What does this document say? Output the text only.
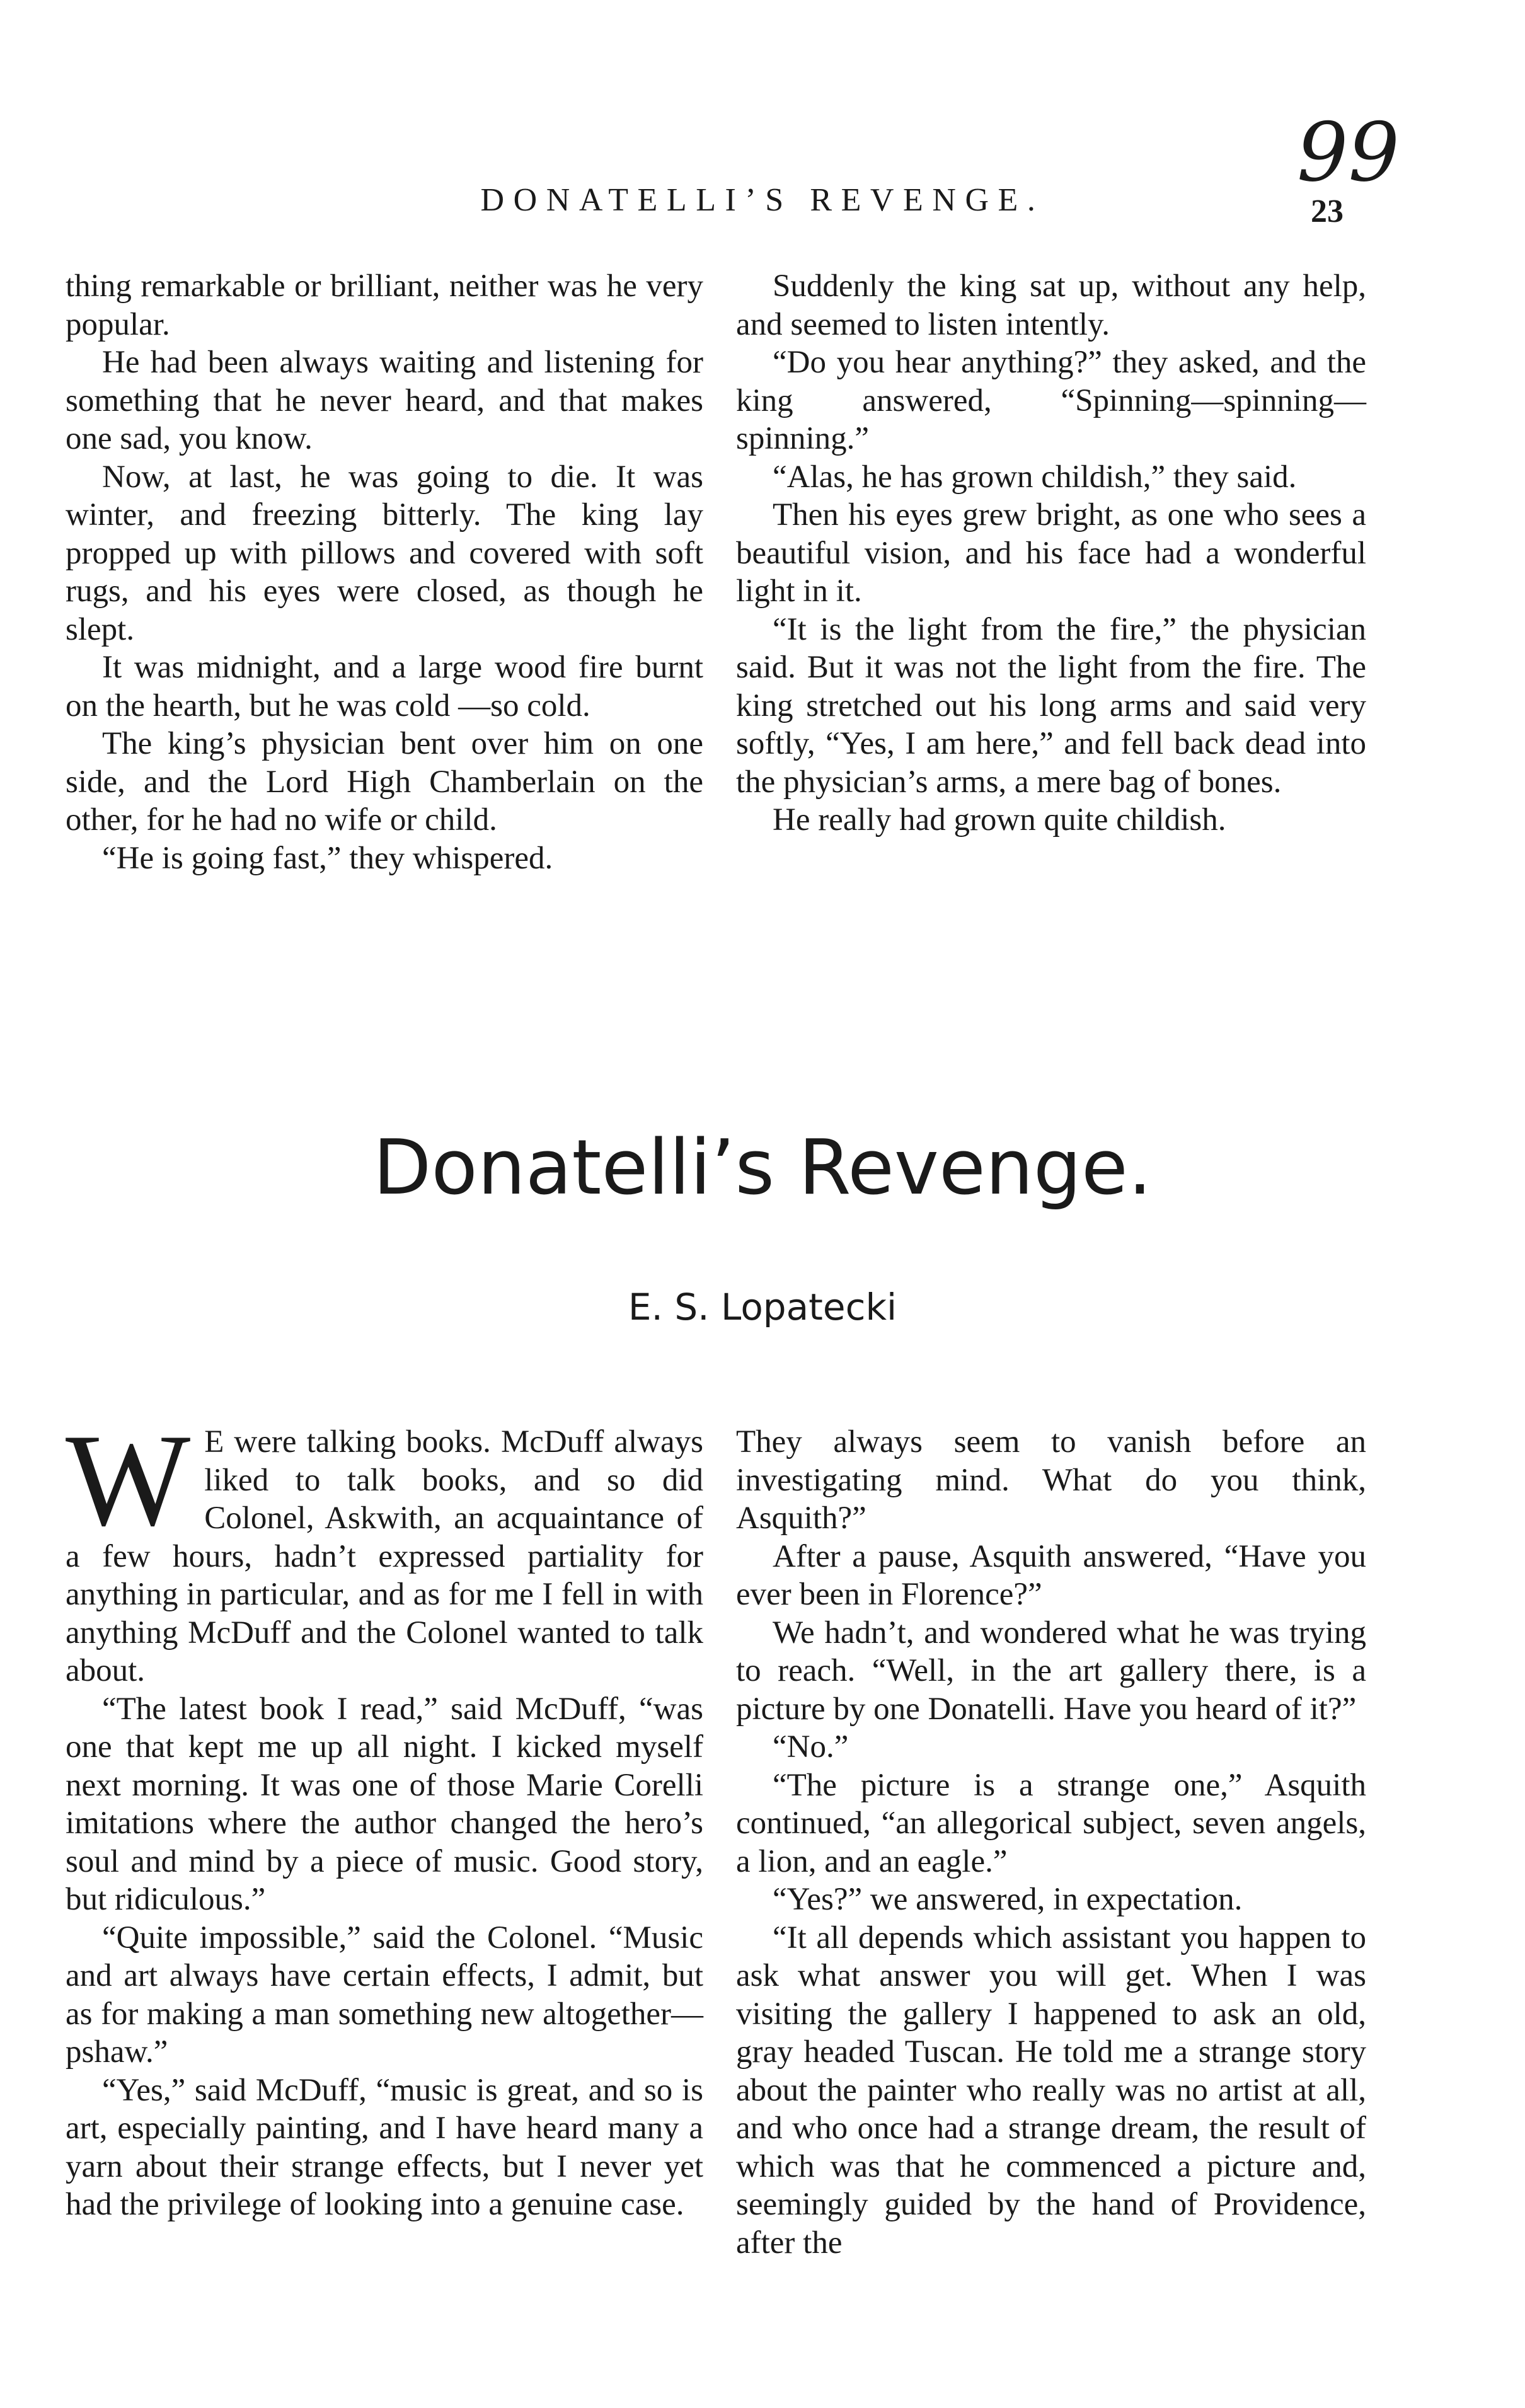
99
DONATELLI’S REVENGE.	23

thing remarkable or brilliant, neither was he very popular.

He had been always waiting and listening for something that he never heard, and that makes one sad, you know.

Now, at last, he was going to die. It was winter, and freezing bitterly. The king lay propped up with pillows and covered with soft rugs, and his eyes were closed, as though he slept.

It was midnight, and a large wood fire burnt on the hearth, but he was cold —so cold.

The king’s physician bent over him on one side, and the Lord High Chamberlain on the other, for he had no wife or child.

“He is going fast,” they whispered.

Suddenly the king sat up, without any help, and seemed to listen intently.

“Do you hear anything?” they asked, and the king answered, “Spinning—spinning—spinning.”

“Alas, he has grown childish,” they said.

Then his eyes grew bright, as one who sees a beautiful vision, and his face had a wonderful light in it.

“It is the light from the fire,” the physician said. But it was not the light from the fire. The king stretched out his long arms and said very softly, “Yes, I am here,” and fell back dead into the physician’s arms, a mere bag of bones.

He really had grown quite childish.

Donatelli’s Revenge.
E. S. Lopatecki

W E were talking books. McDuff always liked to talk books, and so did Colonel, Askwith, an acquaintance of a few hours, hadn’t expressed partiality for anything in particular, and as for me I fell in with anything McDuff and the Colonel wanted to talk about.

“The latest book I read,” said McDuff, “was one that kept me up all night. I kicked myself next morning. It was one of those Marie Corelli imitations where the author changed the hero’s soul and mind by a piece of music. Good story, but ridiculous.”

“Quite impossible,” said the Colonel. “Music and art always have certain effects, I admit, but as for making a man something new altogether—pshaw.”

“Yes,” said McDuff, “music is great, and so is art, especially painting, and I have heard many a yarn about their strange effects, but I never yet had the privilege of looking into a genuine case.

They always seem to vanish before an investigating mind. What do you think, Asquith?”

After a pause, Asquith answered, “Have you ever been in Florence?”

We hadn’t, and wondered what he was trying to reach. “Well, in the art gallery there, is a picture by one Donatelli. Have you heard of it?”

“No.”

“The picture is a strange one,” Asquith continued, “an allegorical subject, seven angels, a lion, and an eagle.”

“Yes?” we answered, in expectation.

“It all depends which assistant you happen to ask what answer you will get. When I was visiting the gallery I happened to ask an old, gray headed Tuscan. He told me a strange story about the painter who really was no artist at all, and who once had a strange dream, the result of which was that he commenced a picture and, seemingly guided by the hand of Providence, after the
